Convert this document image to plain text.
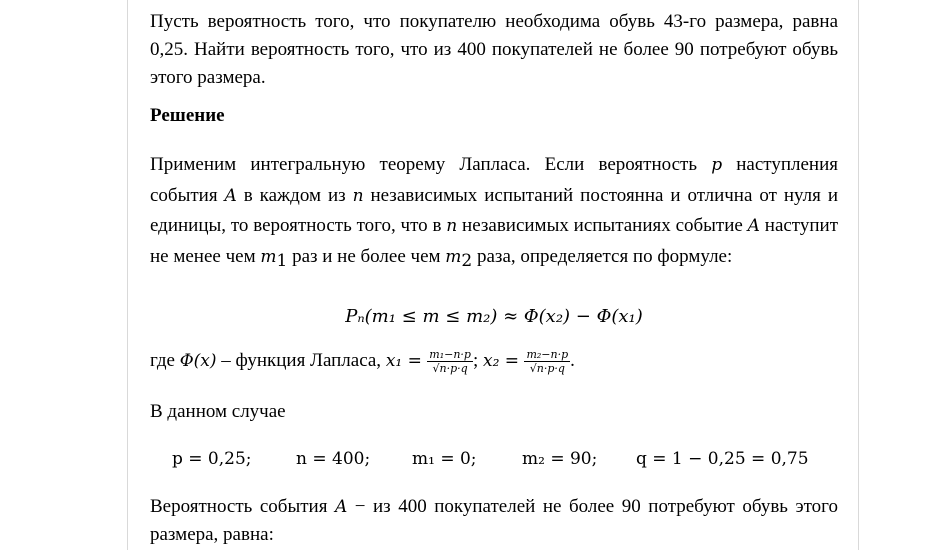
Пусть вероятность того, что покупателю необходима обувь 43-го размера, равна 0,25. Найти вероятность того, что из 400 покупателей не более 90 потребуют обувь этого размера.
Решение
Применим интегральную теорему Лапласа. Если вероятность p наступления события A в каждом из n независимых испытаний постоянна и отлична от нуля и единицы, то вероятность того, что в n независимых испытаниях событие A наступит не менее чем $m_1$ раз и не более чем $m_2$ раза, определяется по формуле:
Pₙ(m₁ ≤ m ≤ m₂) ≈ Φ(x₂) − Φ(x₁)
где Φ(x) – функция Лапласа, $x_1 = \frac{\text{m₁−n·p}}{√n\cdot p\cdot q}$ ; $x_2 = \frac{\text{m₂−n·p}}{√n\cdot p\cdot q}$ .
В данном случае
p = 0,25;	n = 400; m₁ = 0;	m₂ = 90; q = 1 − 0,25 = 0,75
Вероятность события A − из 400 покупателей не более 90 потребуют обувь этого размера, равна:
